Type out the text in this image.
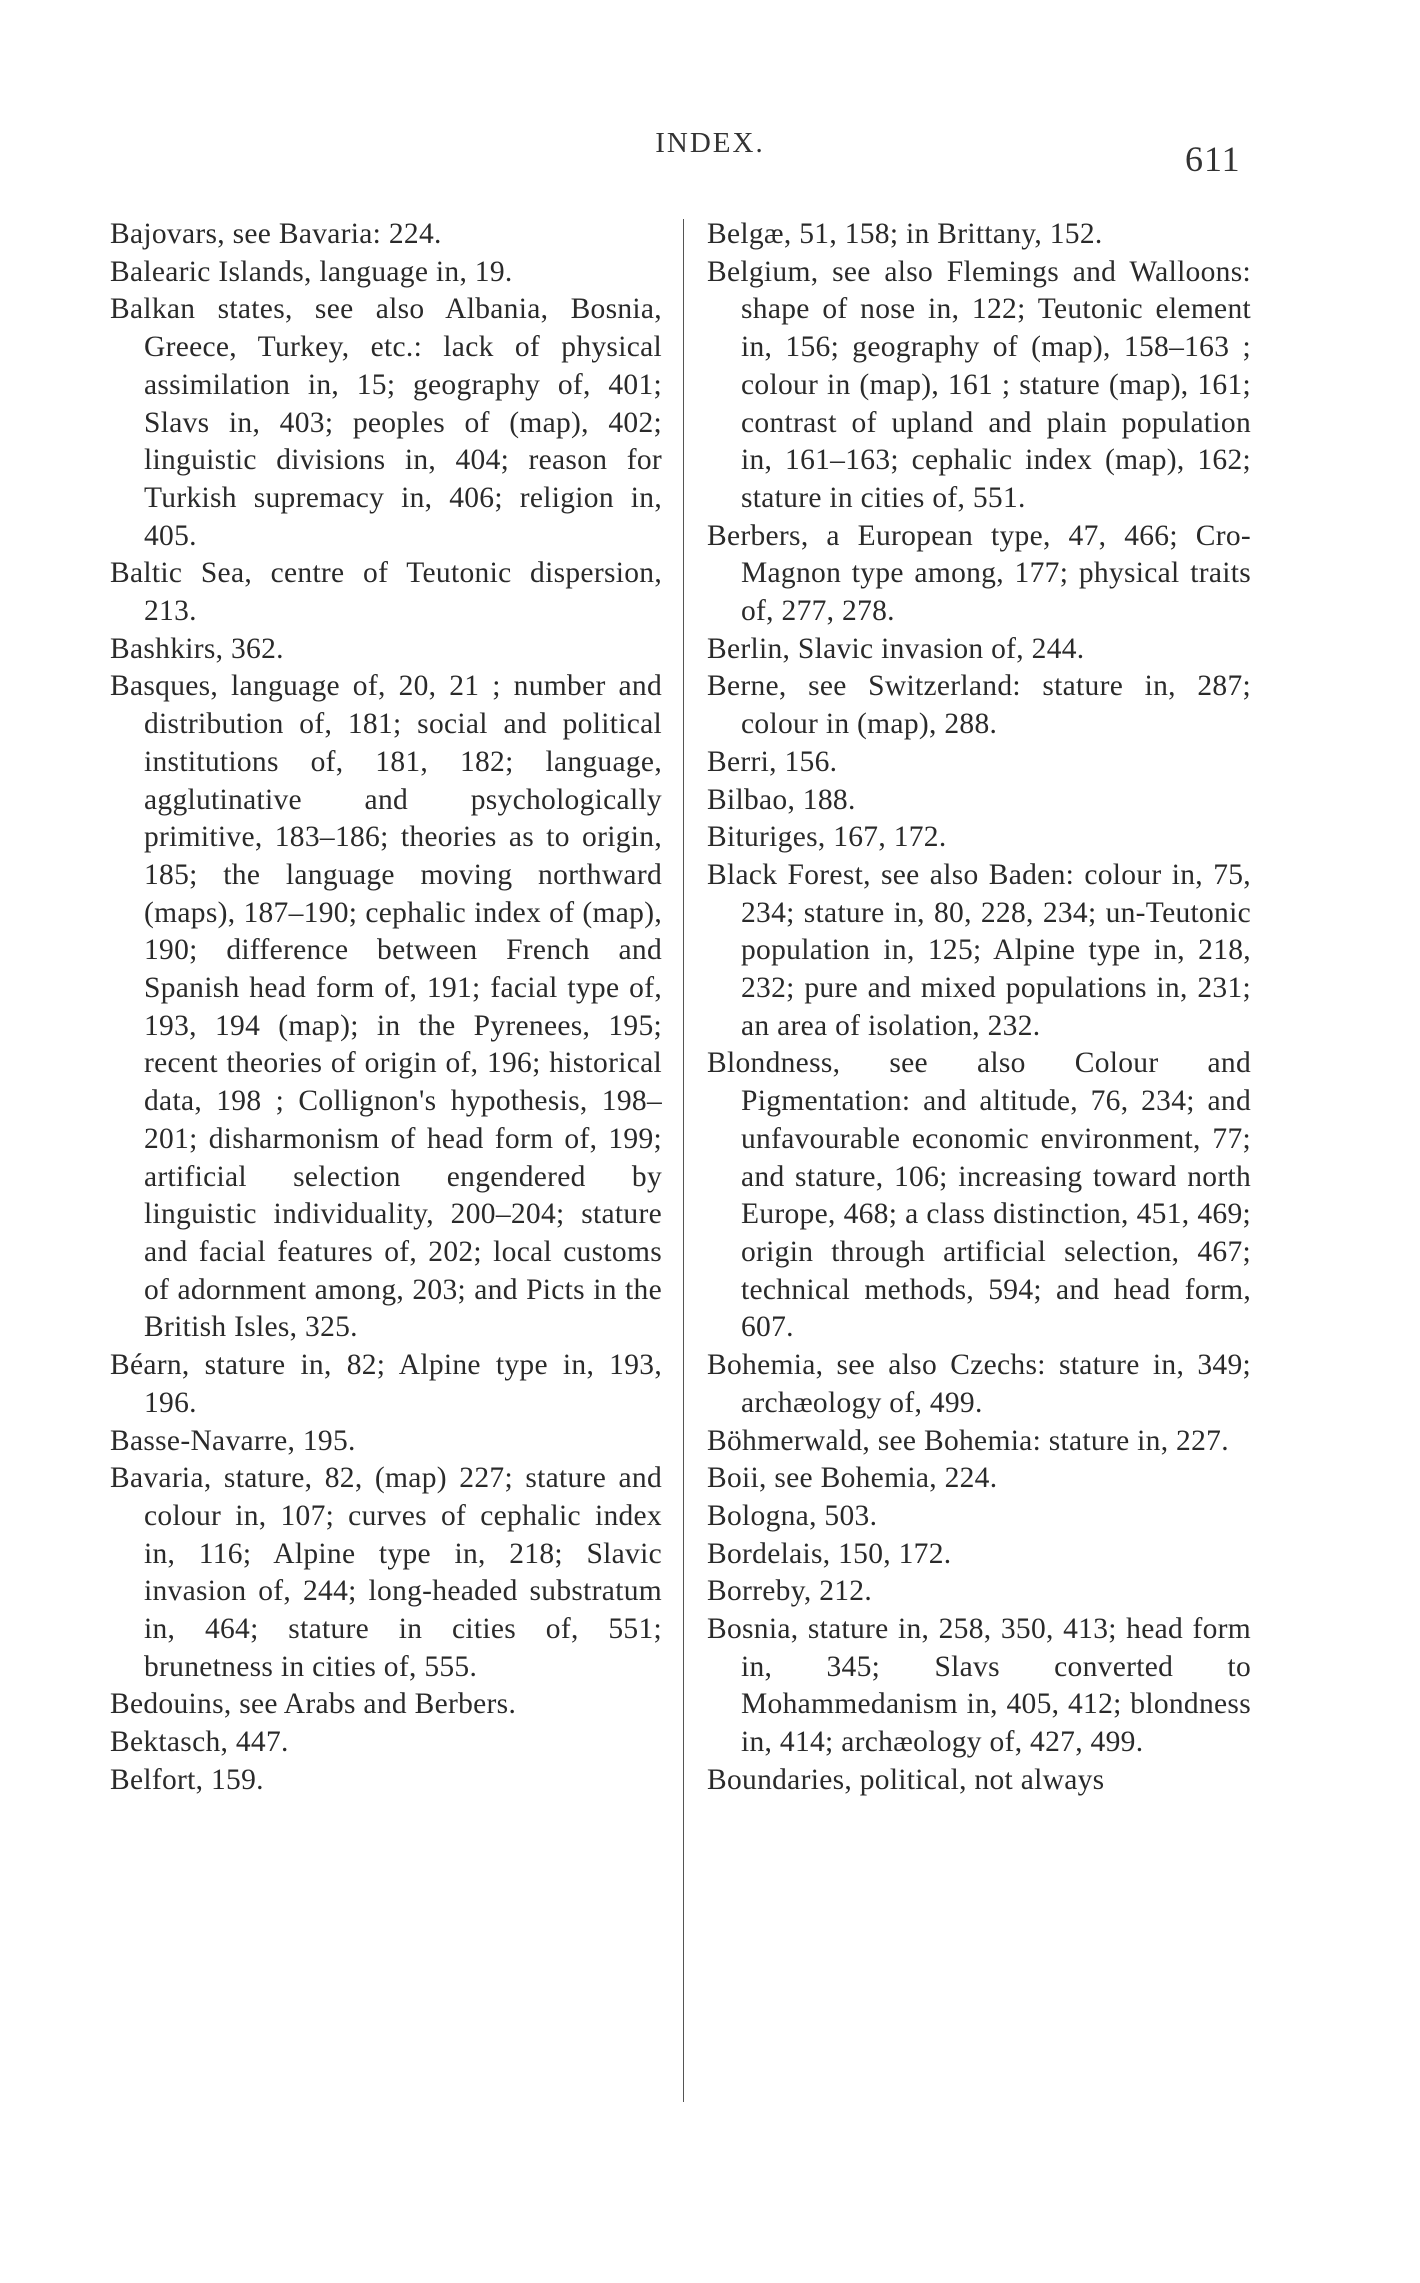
INDEX.	611

Bajovars, see Bavaria: 224.

Balearic Islands, language in, 19.

Balkan states, see also Albania, Bosnia, Greece, Turkey, etc.: lack of physical assimilation in, 15; geography of, 401; Slavs in, 403; peoples of (map), 402; linguistic divisions in, 404; reason for Turkish supremacy in, 406; religion in, 405.

Baltic Sea, centre of Teutonic dispersion, 213.

Bashkirs, 362.

Basques, language of, 20, 21 ; number and distribution of, 181; social and political institutions of, 181, 182; language, agglutinative and psychologically primitive, 183–186; theories as to origin, 185; the language moving northward (maps), 187–190; cephalic index of (map), 190; difference between French and Spanish head form of, 191; facial type of, 193, 194 (map); in the Pyrenees, 195; recent theories of origin of, 196; historical data, 198 ; Collignon's hypothesis, 198–201; disharmonism of head form of, 199; artificial selection engendered by linguistic individuality, 200–204; stature and facial features of, 202; local customs of adornment among, 203; and Picts in the British Isles, 325.

Béarn, stature in, 82; Alpine type in, 193, 196.

Basse-Navarre, 195.

Bavaria, stature, 82, (map) 227; stature and colour in, 107; curves of cephalic index in, 116; Alpine type in, 218; Slavic invasion of, 244; long-headed substratum in, 464; stature in cities of, 551; brunetness in cities of, 555.

Bedouins, see Arabs and Berbers.

Bektasch, 447.

Belfort, 159.

Belgæ, 51, 158; in Brittany, 152.

Belgium, see also Flemings and Walloons: shape of nose in, 122; Teutonic element in, 156; geography of (map), 158–163 ; colour in (map), 161 ; stature (map), 161; contrast of upland and plain population in, 161–163; cephalic index (map), 162; stature in cities of, 551.

Berbers, a European type, 47, 466; Cro-Magnon type among, 177; physical traits of, 277, 278.

Berlin, Slavic invasion of, 244.

Berne, see Switzerland: stature in, 287; colour in (map), 288.

Berri, 156.

Bilbao, 188.

Bituriges, 167, 172.

Black Forest, see also Baden: colour in, 75, 234; stature in, 80, 228, 234; un-Teutonic population in, 125; Alpine type in, 218, 232; pure and mixed populations in, 231; an area of isolation, 232.

Blondness, see also Colour and Pigmentation: and altitude, 76, 234; and unfavourable economic environment, 77; and stature, 106; increasing toward north Europe, 468; a class distinction, 451, 469; origin through artificial selection, 467; technical methods, 594; and head form, 607.

Bohemia, see also Czechs: stature in, 349; archæology of, 499.

Böhmerwald, see Bohemia: stature in, 227.

Boii, see Bohemia, 224.

Bologna, 503.

Bordelais, 150, 172.

Borreby, 212.

Bosnia, stature in, 258, 350, 413; head form in, 345; Slavs converted to Mohammedanism in, 405, 412; blondness in, 414; archæology of, 427, 499.

Boundaries, political, not always
